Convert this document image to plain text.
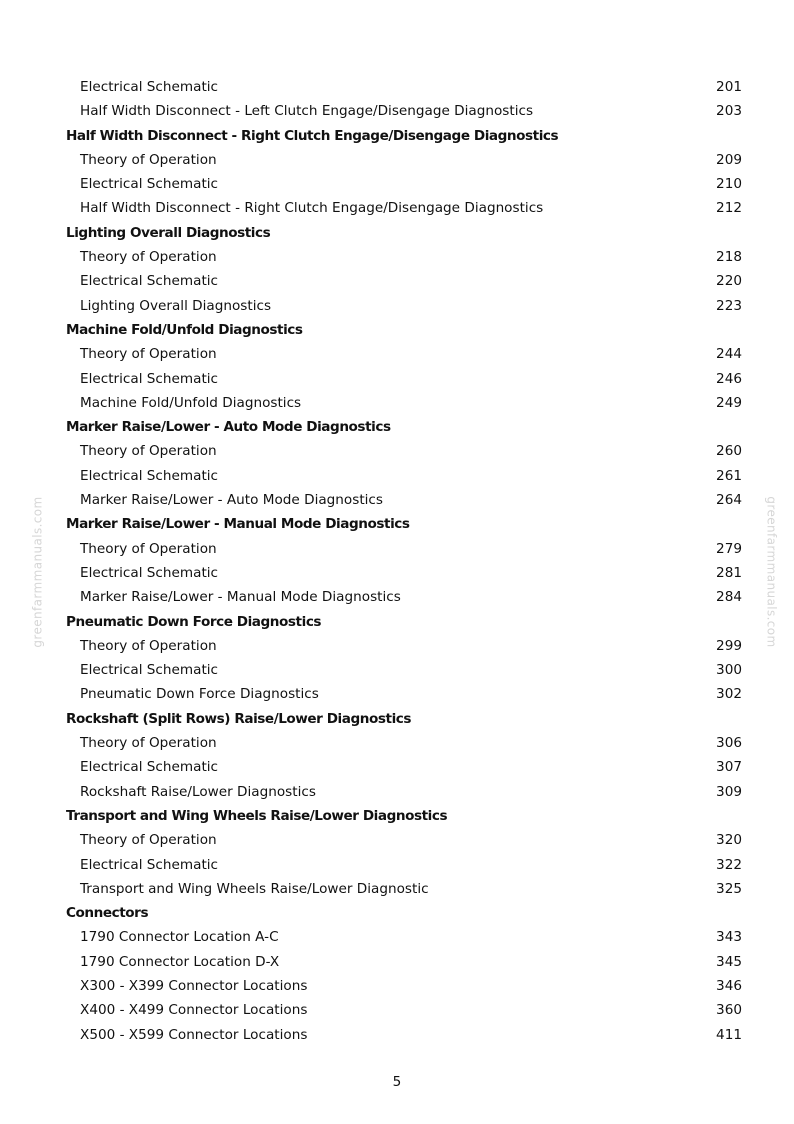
Electrical Schematic	201
Half Width Disconnect - Left Clutch Engage/Disengage Diagnostics	203
Half Width Disconnect - Right Clutch Engage/Disengage Diagnostics
Theory of Operation	209
Electrical Schematic	210
Half Width Disconnect - Right Clutch Engage/Disengage Diagnostics	212
Lighting Overall Diagnostics
Theory of Operation	218
Electrical Schematic	220
Lighting Overall Diagnostics	223
Machine Fold/Unfold Diagnostics
Theory of Operation	244
Electrical Schematic	246
Machine Fold/Unfold Diagnostics	249
Marker Raise/Lower - Auto Mode Diagnostics
Theory of Operation	260
Electrical Schematic	261
Marker Raise/Lower - Auto Mode Diagnostics	264
Marker Raise/Lower - Manual Mode Diagnostics
Theory of Operation	279
Electrical Schematic	281
Marker Raise/Lower - Manual Mode Diagnostics	284
Pneumatic Down Force Diagnostics
Theory of Operation	299
Electrical Schematic	300
Pneumatic Down Force Diagnostics	302
Rockshaft (Split Rows) Raise/Lower Diagnostics
Theory of Operation	306
Electrical Schematic	307
Rockshaft Raise/Lower Diagnostics	309
Transport and Wing Wheels Raise/Lower Diagnostics
Theory of Operation	320
Electrical Schematic	322
Transport and Wing Wheels Raise/Lower Diagnostic	325
Connectors
1790 Connector Location A-C	343
1790 Connector Location D-X	345
X300 - X399 Connector Locations	346
X400 - X499 Connector Locations	360
X500 - X599 Connector Locations	411
greenfarmmanuals.com	greenfarmmanuals.com
5
